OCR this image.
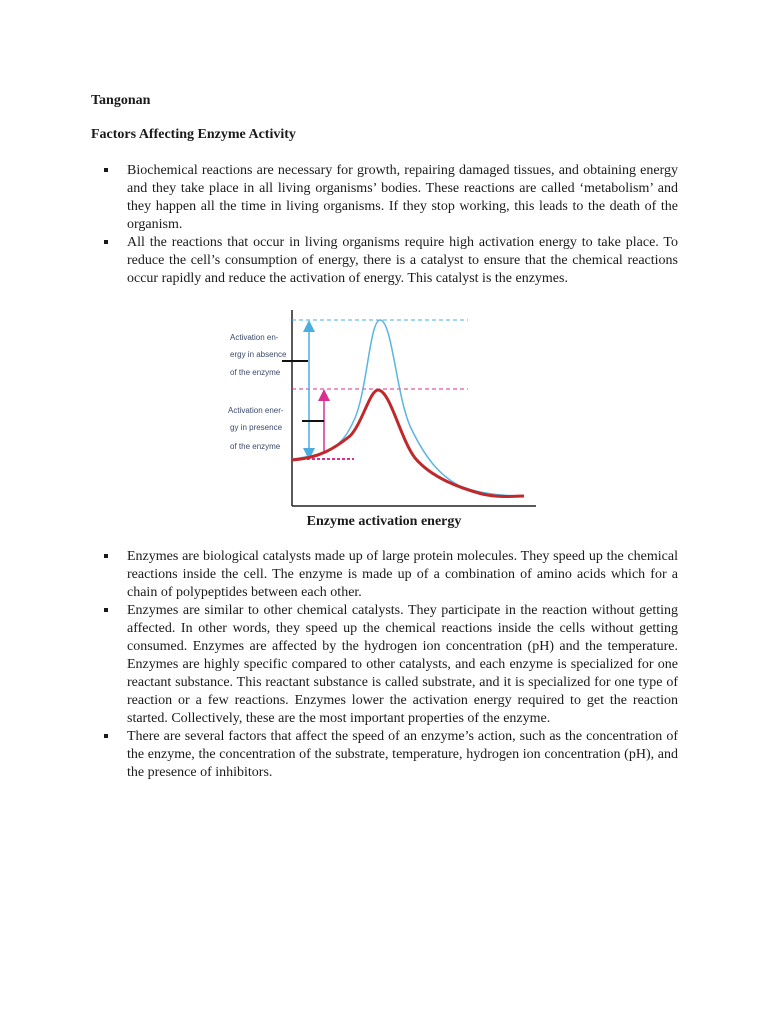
Tangonan
Factors Affecting Enzyme Activity
Biochemical reactions are necessary for growth, repairing damaged tissues, and obtaining energy and they take place in all living organisms’ bodies. These reactions are called ‘metabolism’ and they happen all the time in living organisms. If they stop working, this leads to the death of the organism.
All the reactions that occur in living organisms require high activation energy to take place. To reduce the cell’s consumption of energy, there is a catalyst to ensure that the chemical reactions occur rapidly and reduce the activation of energy. This catalyst is the enzymes.
Activation en-
ergy in absence
of the enzyme
Activation ener-
gy in presence
of the enzyme
Enzyme activation energy
Enzymes are biological catalysts made up of large protein molecules. They speed up the chemical reactions inside the cell. The enzyme is made up of a combination of amino acids which for a chain of polypeptides between each other.
Enzymes are similar to other chemical catalysts. They participate in the reaction without getting affected. In other words, they speed up the chemical reactions inside the cells without getting consumed. Enzymes are affected by the hydrogen ion concentration (pH) and the temperature. Enzymes are highly specific compared to other catalysts, and each enzyme is specialized for one reactant substance. This reactant substance is called substrate, and it is specialized for one type of reaction or a few reactions. Enzymes lower the activation energy required to get the reaction started. Collectively, these are the most important properties of the enzyme.
There are several factors that affect the speed of an enzyme’s action, such as the concentration of the enzyme, the concentration of the substrate, temperature, hydrogen ion concentration (pH), and the presence of inhibitors.
